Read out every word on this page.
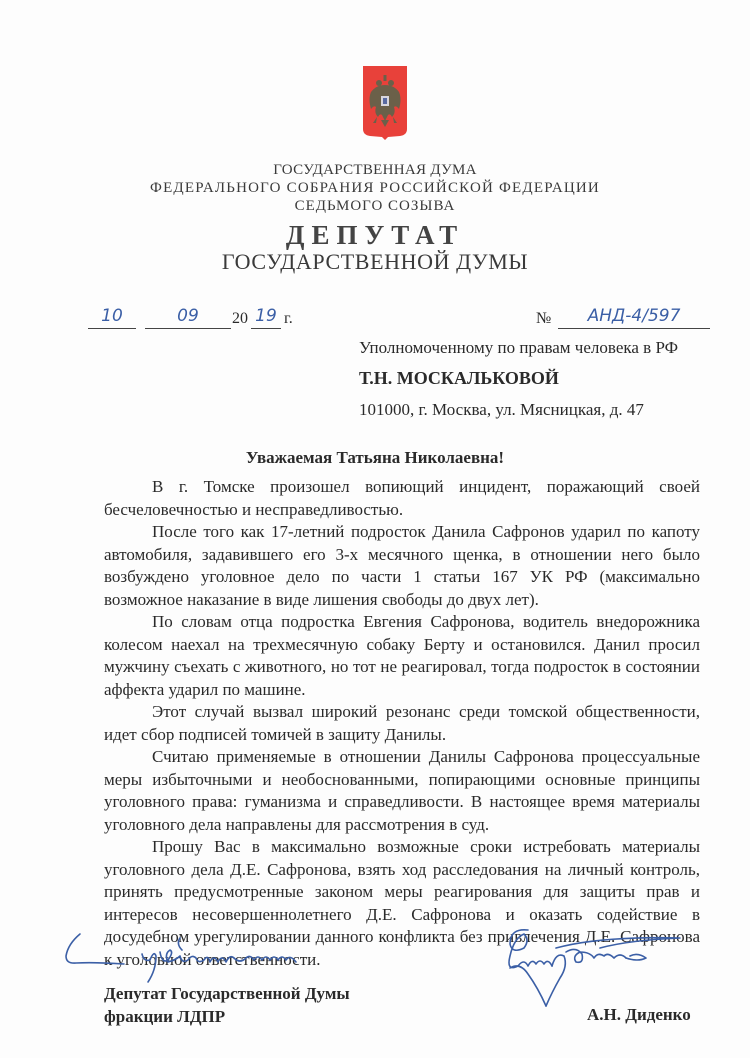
ГОСУДАРСТВЕННАЯ ДУМА
ФЕДЕРАЛЬНОГО СОБРАНИЯ РОССИЙСКОЙ ФЕДЕРАЦИИ
СЕДЬМОГО СОЗЫВА
ДЕПУТАТ
ГОСУДАРСТВЕННОЙ ДУМЫ
10	09	20 19 г.	№	АНД-4/597
Уполномоченному по правам человека в РФ
Т.Н. МОСКАЛЬКОВОЙ
101000, г. Москва, ул. Мясницкая, д. 47
Уважаемая Татьяна Николаевна!

В г. Томске произошел вопиющий инцидент, поражающий своей бесчеловечностью и несправедливостью.

После того как 17-летний подросток Данила Сафронов ударил по капоту автомобиля, задавившего его 3-х месячного щенка, в отношении него было возбуждено уголовное дело по части 1 статьи 167 УК РФ (максимально возможное наказание в виде лишения свободы до двух лет).

По словам отца подростка Евгения Сафронова, водитель внедорожника колесом наехал на трехмесячную собаку Берту и остановился. Данил просил мужчину съехать с животного, но тот не реагировал, тогда подросток в состоянии аффекта ударил по машине.

Этот случай вызвал широкий резонанс среди томской общественности, идет сбор подписей томичей в защиту Данилы.

Считаю применяемые в отношении Данилы Сафронова процессуальные меры избыточными и необоснованными, попирающими основные принципы уголовного права: гуманизма и справедливости. В настоящее время материалы уголовного дела направлены для рассмотрения в суд.

Прошу Вас в максимально возможные сроки истребовать материалы уголовного дела Д.Е. Сафронова, взять ход расследования на личный контроль, принять предусмотренные законом меры реагирования для защиты прав и интересов несовершеннолетнего Д.Е. Сафронова и оказать содействие в досудебном урегулировании данного конфликта без привлечения Д.Е. Сафронова к уголовной ответственности.

Депутат Государственной Думы
фракции ЛДПР	А.Н. Диденко
